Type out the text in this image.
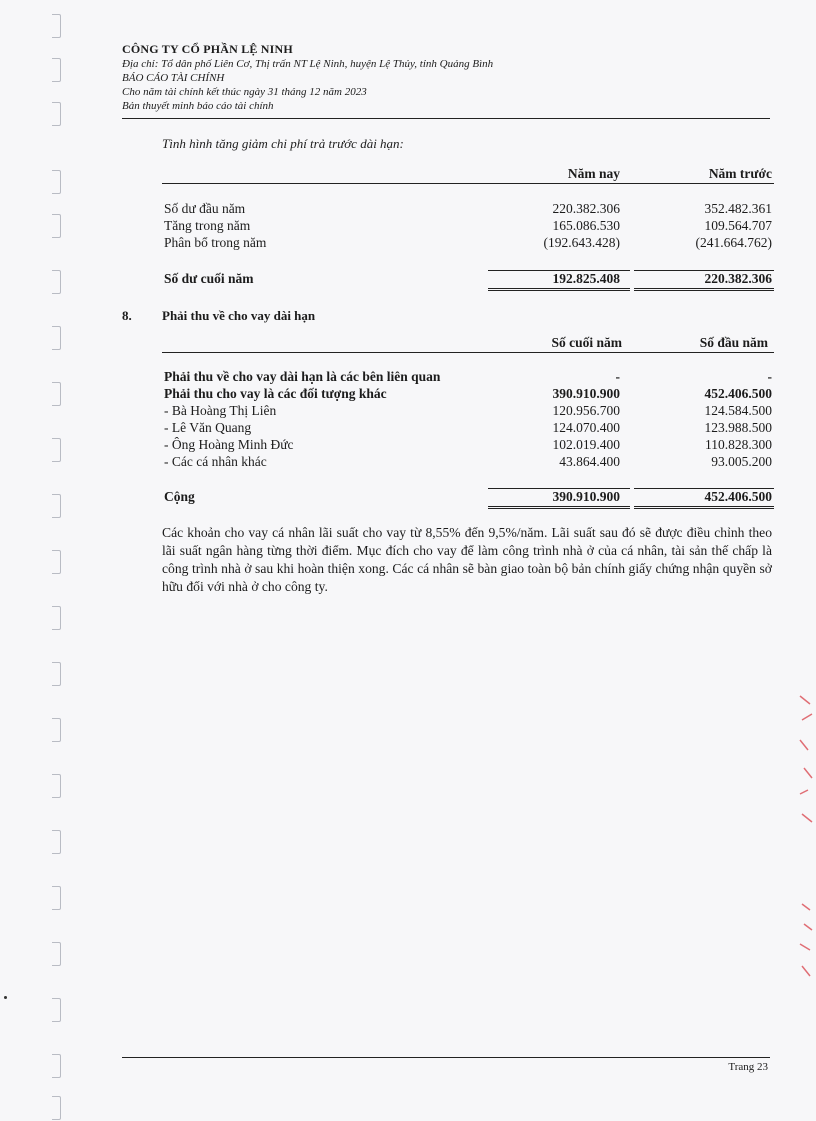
CÔNG TY CỔ PHẦN LỆ NINH
Địa chỉ: Tổ dân phố Liên Cơ, Thị trấn NT Lệ Ninh, huyện Lệ Thủy, tỉnh Quảng Bình
BÁO CÁO TÀI CHÍNH
Cho năm tài chính kết thúc ngày 31 tháng 12 năm 2023
Bản thuyết minh báo cáo tài chính
Tình hình tăng giảm chi phí trả trước dài hạn:
Năm nay	Năm trước
Số dư đầu năm	220.382.306	352.482.361
Tăng trong năm	165.086.530	109.564.707
Phân bổ trong năm	(192.643.428)	(241.664.762)
Số dư cuối năm	192.825.408	220.382.306
8. Phải thu về cho vay dài hạn
Số cuối năm	Số đầu năm
Phải thu về cho vay dài hạn là các bên liên quan	-	-
Phải thu cho vay là các đối tượng khác	390.910.900	452.406.500
- Bà Hoàng Thị Liên	120.956.700	124.584.500
- Lê Văn Quang	124.070.400	123.988.500
- Ông Hoàng Minh Đức	102.019.400	110.828.300
- Các cá nhân khác	43.864.400	93.005.200
Cộng	390.910.900	452.406.500
Các khoản cho vay cá nhân lãi suất cho vay từ 8,55% đến 9,5%/năm. Lãi suất sau đó sẽ được điều chỉnh theo lãi suất ngân hàng từng thời điểm. Mục đích cho vay để làm công trình nhà ở của cá nhân, tài sản thế chấp là công trình nhà ở sau khi hoàn thiện xong. Các cá nhân sẽ bàn giao toàn bộ bản chính giấy chứng nhận quyền sở hữu đối với nhà ở cho công ty.
Trang 23
